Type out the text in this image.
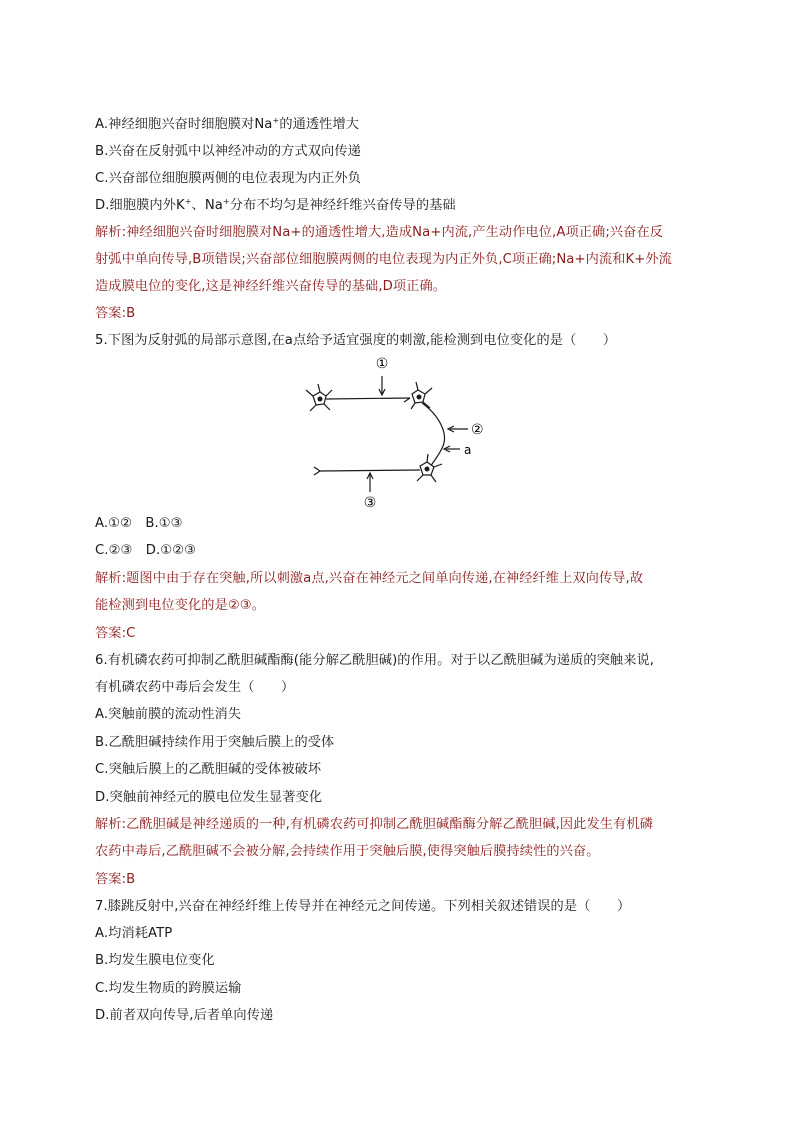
A.神经细胞兴奋时细胞膜对Na+的通透性增大
B.兴奋在反射弧中以神经冲动的方式双向传递
C.兴奋部位细胞膜两侧的电位表现为内正外负
D.细胞膜内外K+、Na+分布不均匀是神经纤维兴奋传导的基础
解析:神经细胞兴奋时细胞膜对Na+的通透性增大,造成Na+内流,产生动作电位,A项正确;兴奋在反
射弧中单向传导,B项错误;兴奋部位细胞膜两侧的电位表现为内正外负,C项正确;Na+内流和K+外流
造成膜电位的变化,这是神经纤维兴奋传导的基础,D项正确。
答案:B
5.下图为反射弧的局部示意图,在a点给予适宜强度的刺激,能检测到电位变化的是（　　）
①
②
a
③
A.①②　B.①③
C.②③　D.①②③
解析:题图中由于存在突触,所以刺激a点,兴奋在神经元之间单向传递,在神经纤维上双向传导,故
能检测到电位变化的是②③。
答案:C
6.有机磷农药可抑制乙酰胆碱酯酶(能分解乙酰胆碱)的作用。对于以乙酰胆碱为递质的突触来说,
有机磷农药中毒后会发生（　　）
A.突触前膜的流动性消失
B.乙酰胆碱持续作用于突触后膜上的受体
C.突触后膜上的乙酰胆碱的受体被破坏
D.突触前神经元的膜电位发生显著变化
解析:乙酰胆碱是神经递质的一种,有机磷农药可抑制乙酰胆碱酯酶分解乙酰胆碱,因此发生有机磷
农药中毒后,乙酰胆碱不会被分解,会持续作用于突触后膜,使得突触后膜持续性的兴奋。
答案:B
7.膝跳反射中,兴奋在神经纤维上传导并在神经元之间传递。下列相关叙述错误的是（　　）
A.均消耗ATP
B.均发生膜电位变化
C.均发生物质的跨膜运输
D.前者双向传导,后者单向传递
